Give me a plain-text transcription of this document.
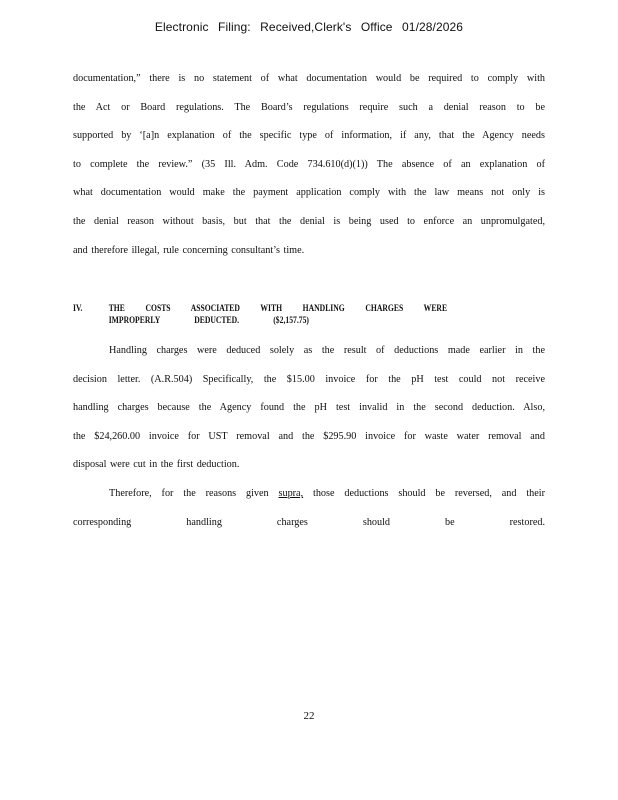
Electronic Filing: Received,Clerk's Office 01/28/2026
documentation,” there is no statement of what documentation would be required to comply with
the Act or Board regulations. The Board’s regulations require such a denial reason to be
supported by ‘[a]n explanation of the specific type of information, if any, that the Agency needs
to complete the review.” (35 Ill. Adm. Code 734.610(d)(1)) The absence of an explanation of
what documentation would make the payment application comply with the law means not only is
the denial reason without basis, but that the denial is being used to enforce an unpromulgated,
and therefore illegal, rule concerning consultant’s time.
IV.	THE COSTS ASSOCIATED WITH HANDLING CHARGES WERE
IMPROPERLY DEDUCTED. ($2,157.75)
Handling charges were deduced solely as the result of deductions made earlier in the
decision letter. (A.R.504) Specifically, the $15.00 invoice for the pH test could not receive
handling charges because the Agency found the pH test invalid in the second deduction. Also,
the $24,260.00 invoice for UST removal and the $295.90 invoice for waste water removal and
disposal were cut in the first deduction.
Therefore, for the reasons given supra, those deductions should be reversed, and their
corresponding handling charges should be restored.
22
